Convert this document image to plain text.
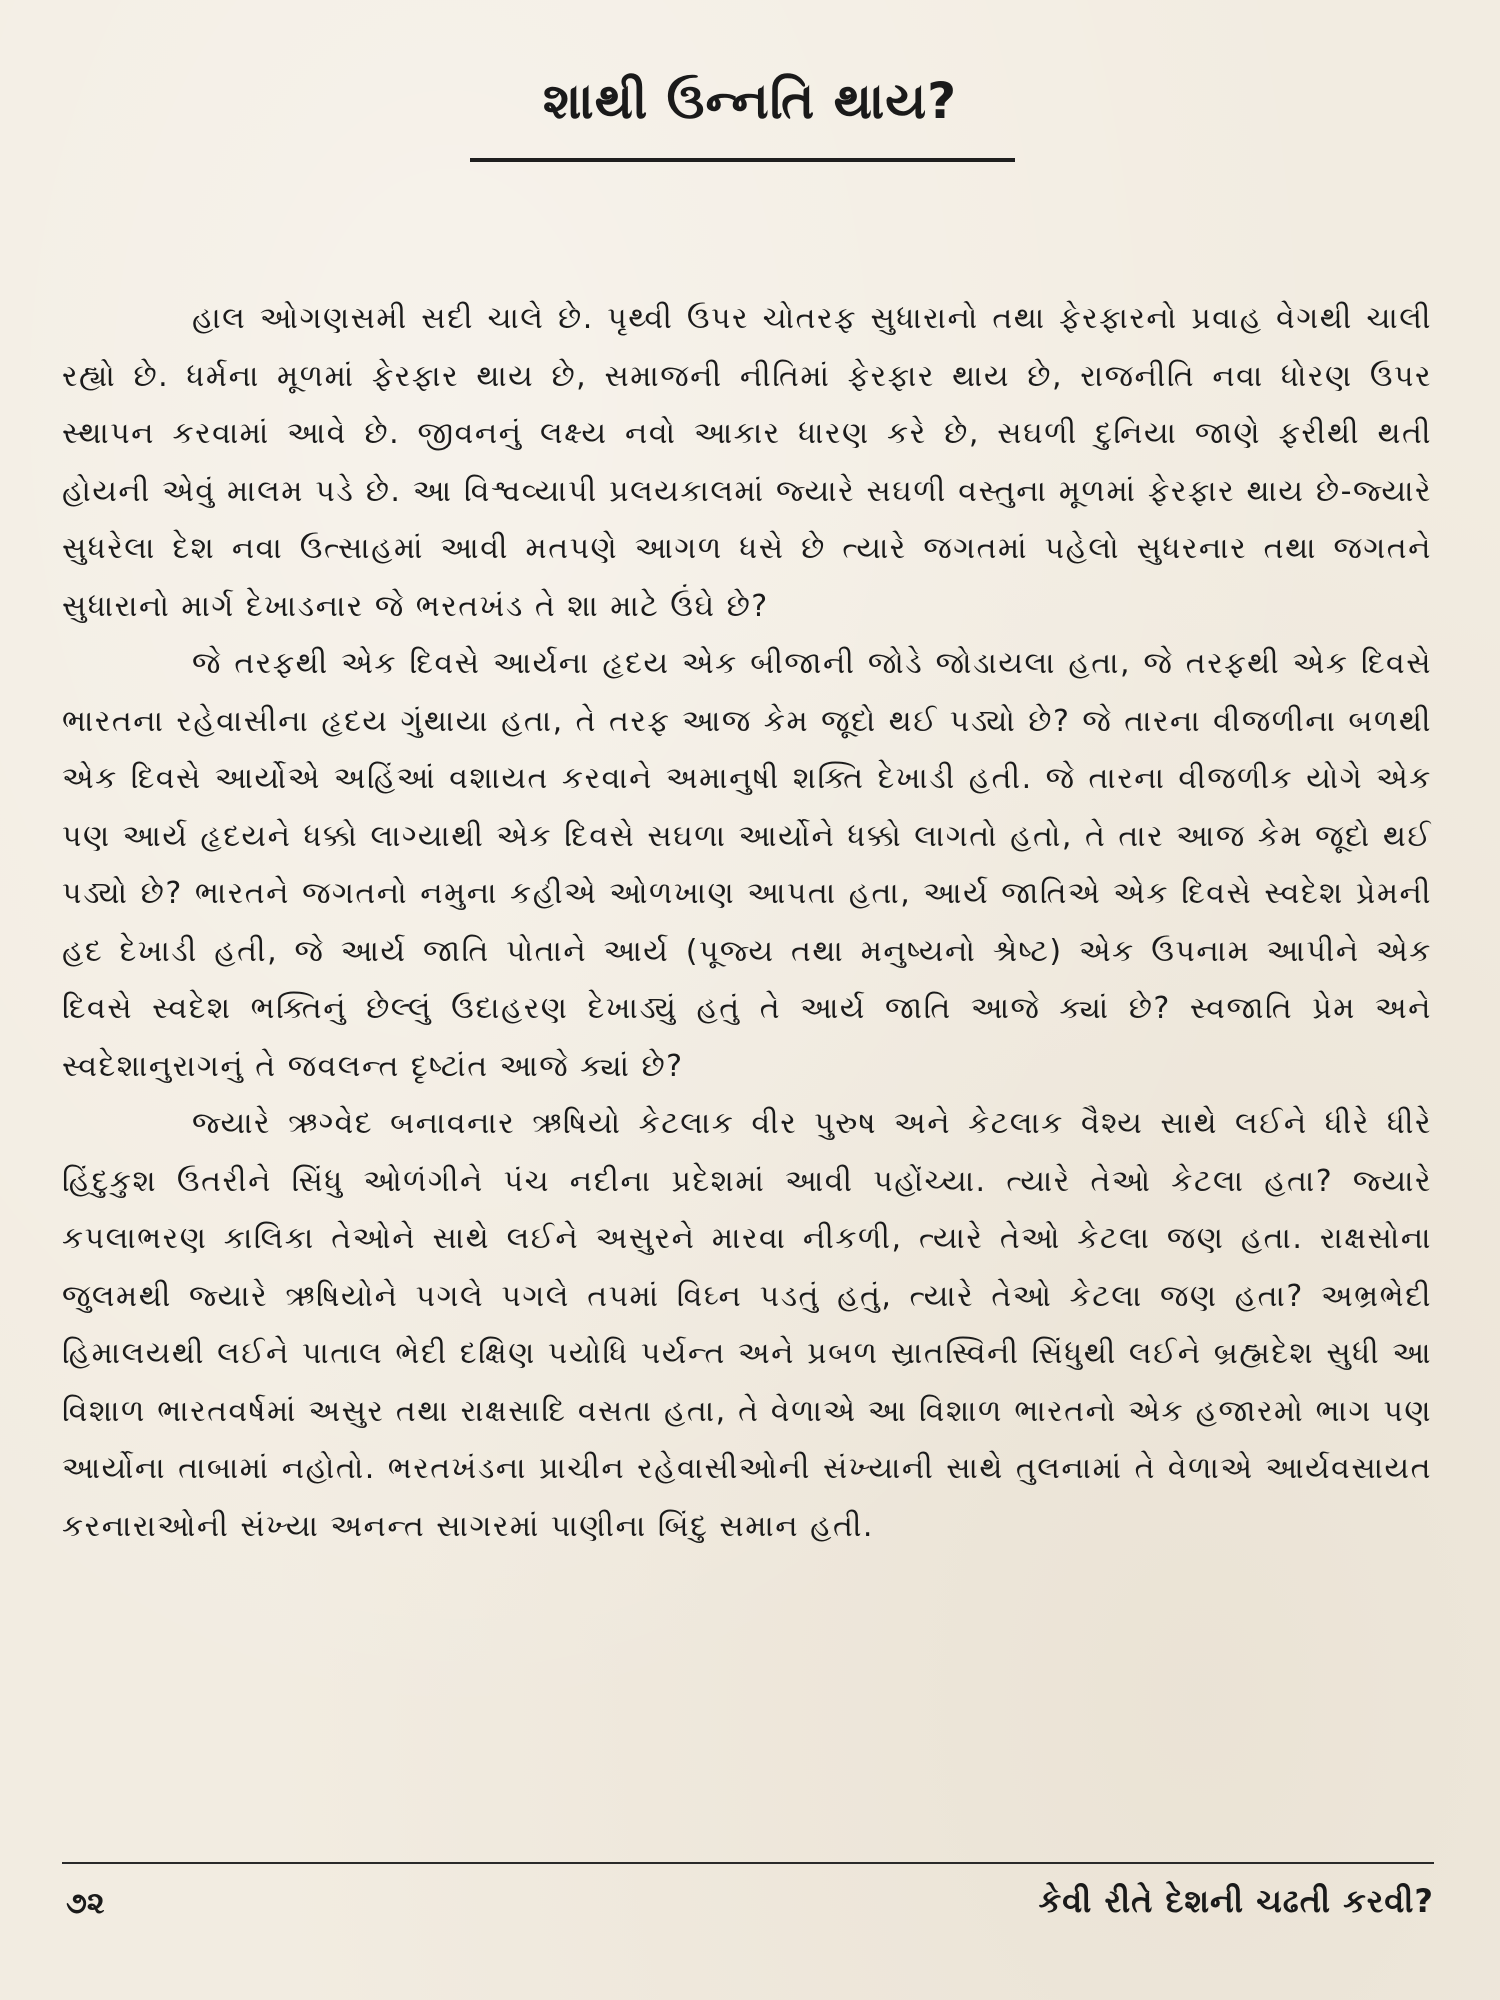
શાથી ઉન્નતિ થાય?

હાલ ઓગણસમી સદી ચાલે છે. પૃથ્વી ઉપર ચોતરફ સુધારાનો તથા ફેરફારનો પ્રવાહ વેગથી ચાલી રહ્યો છે. ધર્મના મૂળમાં ફેરફાર થાય છે, સમાજની નીતિમાં ફેરફાર થાય છે, રાજનીતિ નવા ધોરણ ઉપર સ્થાપન કરવામાં આવે છે. જીવનનું લક્ષ્ય નવો આકાર ધારણ કરે છે, સઘળી દુનિયા જાણે ફરીથી થતી હોયની એવું માલમ પડે છે. આ વિશ્વવ્યાપી પ્રલયકાલમાં જ્યારે સઘળી વસ્તુના મૂળમાં ફેરફાર થાય છે-જ્યારે સુધરેલા દેશ નવા ઉત્સાહમાં આવી મતપણે આગળ ધસે છે ત્યારે જગતમાં પહેલો સુધરનાર તથા જગતને સુધારાનો માર્ગ દેખાડનાર જે ભરતખંડ તે શા માટે ઉંઘે છે?

જે તરફથી એક દિવસે આર્યના હૃદય એક બીજાની જોડે જોડાયલા હતા, જે તરફથી એક દિવસે ભારતના રહેવાસીના હૃદય ગુંથાયા હતા, તે તરફ આજ કેમ જૂદો થઈ પડ્યો છે? જે તારના વીજળીના બળથી એક દિવસે આર્યોએ અહિંઆં વશાયત કરવાને અમાનુષી શક્તિ દેખાડી હતી. જે તારના વીજળીક યોગે એક પણ આર્ય હૃદયને ધક્કો લાગ્યાથી એક દિવસે સઘળા આર્યોને ધક્કો લાગતો હતો, તે તાર આજ કેમ જૂદો થઈ પડ્યો છે? ભારતને જગતનો નમુના કહીએ ઓળખાણ આપતા હતા, આર્ય જાતિએ એક દિવસે સ્વદેશ પ્રેમની હદ દેખાડી હતી, જે આર્ય જાતિ પોતાને આર્ય (પૂજ્ય તથા મનુષ્યનો શ્રેષ્ટ) એક ઉપનામ આપીને એક દિવસે સ્વદેશ ભક્તિનું છેલ્લું ઉદાહરણ દેખાડ્યું હતું તે આર્ય જાતિ આજે ક્યાં છે? સ્વજાતિ પ્રેમ અને સ્વદેશાનુરાગનું તે જવલન્ત દૃષ્ટાંત આજે ક્યાં છે?

જ્યારે ઋગ્વેદ બનાવનાર ઋષિયો કેટલાક વીર પુરુષ અને કેટલાક વૈશ્ય સાથે લઈને ધીરે ધીરે હિંદુકુશ ઉતરીને સિંધુ ઓળંગીને પંચ નદીના પ્રદેશમાં આવી પહોંચ્યા. ત્યારે તેઓ કેટલા હતા? જ્યારે કપલાભરણ કાલિકા તેઓને સાથે લઈને અસુરને મારવા નીકળી, ત્યારે તેઓ કેટલા જણ હતા. રાક્ષસોના જુલમથી જ્યારે ઋષિયોને પગલે પગલે તપમાં વિઘ્ન પડતું હતું, ત્યારે તેઓ કેટલા જણ હતા? અભ્રભેદી હિમાલયથી લઈને પાતાલ ભેદી દક્ષિણ પયોધિ પર્યન્ત અને પ્રબળ સ્રાતસ્વિની સિંધુથી લઈને બ્રહ્મદેશ સુધી આ વિશાળ ભારતવર્ષમાં અસુર તથા રાક્ષસાદિ વસતા હતા, તે વેળાએ આ વિશાળ ભારતનો એક હજારમો ભાગ પણ આર્યોના તાબામાં નહોતો. ભરતખંડના પ્રાચીન રહેવાસીઓની સંખ્યાની સાથે તુલનામાં તે વેળાએ આર્યવસાયત કરનારાઓની સંખ્યા અનન્ત સાગરમાં પાણીના બિંદુ સમાન હતી.

૭૨	કેવી રીતે દેશની ચઢતી કરવી?
